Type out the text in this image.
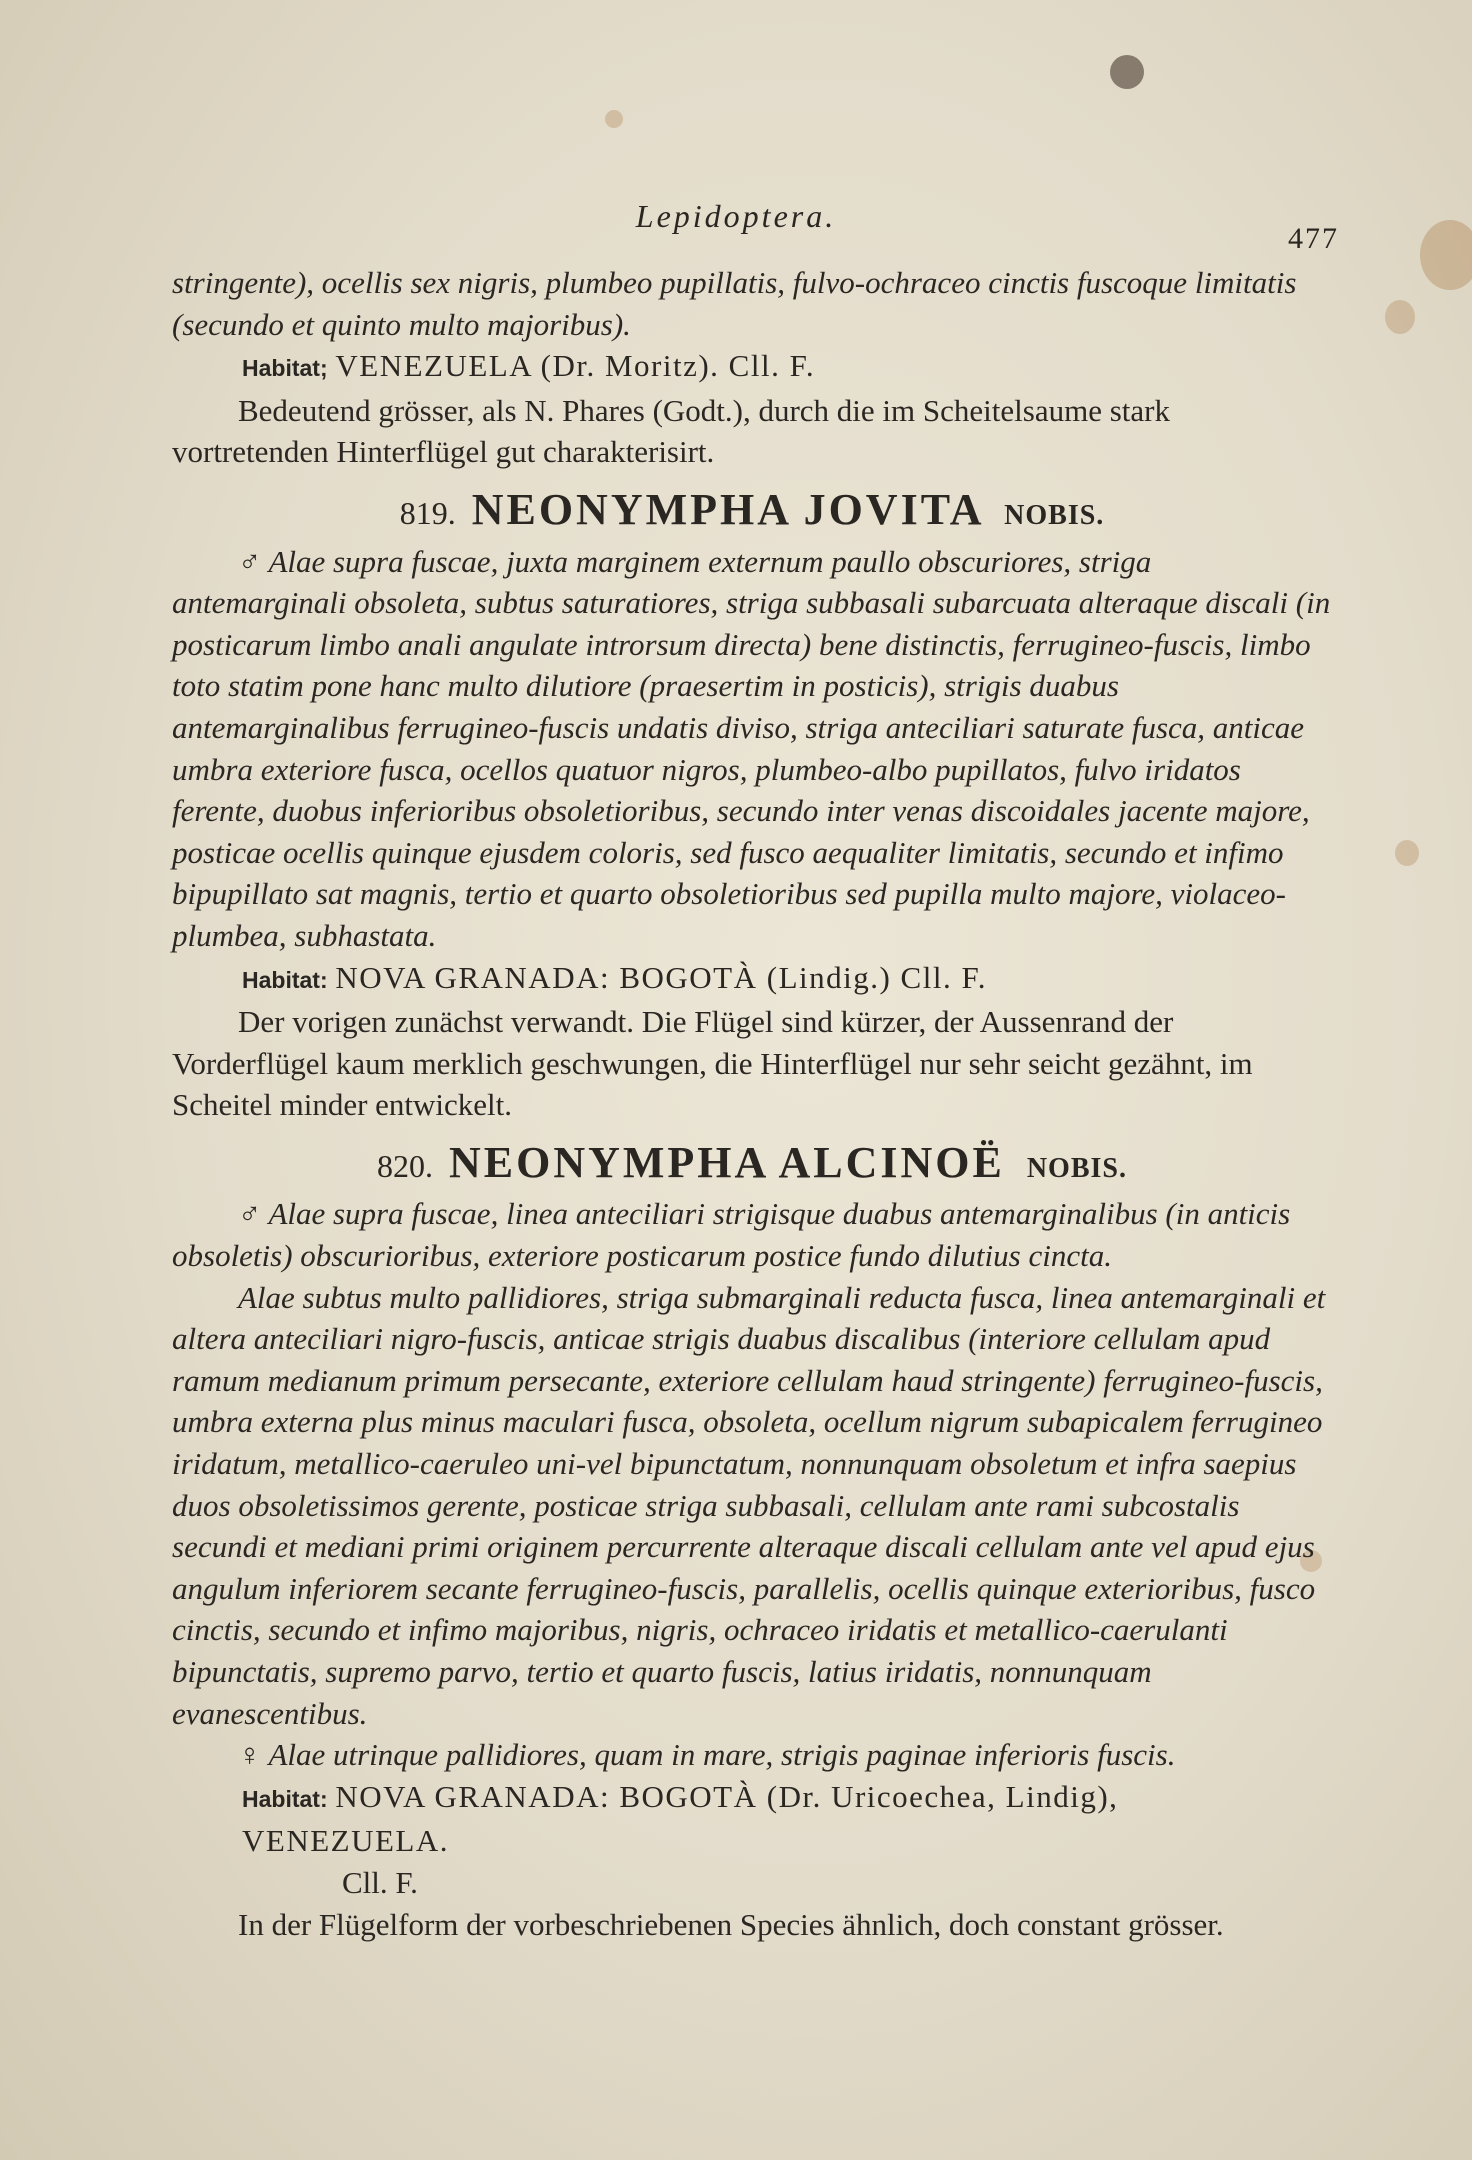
Lepidoptera.
477

stringente), ocellis sex nigris, plumbeo pupillatis, fulvo-ochraceo cinctis fuscoque limitatis (secundo et quinto multo majoribus).

Habitat; VENEZUELA (Dr. Moritz). Cll. F.

Bedeutend grösser, als N. Phares (Godt.), durch die im Scheitelsaume stark vortretenden Hinterflügel gut charakterisirt.

819. NEONYMPHA JOVITA NOBIS.

♂ Alae supra fuscae, juxta marginem externum paullo obscuriores, striga antemarginali obsoleta, subtus saturatiores, striga subbasali subarcuata alteraque discali (in posticarum limbo anali angulate introrsum directa) bene distinctis, ferrugineo-fuscis, limbo toto statim pone hanc multo dilutiore (praesertim in posticis), strigis duabus antemarginalibus ferrugineo-fuscis undatis diviso, striga anteciliari saturate fusca, anticae umbra exteriore fusca, ocellos quatuor nigros, plumbeo-albo pupillatos, fulvo iridatos ferente, duobus inferioribus obsoletioribus, secundo inter venas discoidales jacente majore, posticae ocellis quinque ejusdem coloris, sed fusco aequaliter limitatis, secundo et infimo bipupillato sat magnis, tertio et quarto obsoletioribus sed pupilla multo majore, violaceo-plumbea, subhastata.

Habitat: NOVA GRANADA: BOGOTÀ (Lindig.) Cll. F.

Der vorigen zunächst verwandt. Die Flügel sind kürzer, der Aussenrand der Vorderflügel kaum merklich geschwungen, die Hinterflügel nur sehr seicht gezähnt, im Scheitel minder entwickelt.

820. NEONYMPHA ALCINOË NOBIS.

♂ Alae supra fuscae, linea anteciliari strigisque duabus antemarginalibus (in anticis obsoletis) obscurioribus, exteriore posticarum postice fundo dilutius cincta.

Alae subtus multo pallidiores, striga submarginali reducta fusca, linea antemarginali et altera anteciliari nigro-fuscis, anticae strigis duabus discalibus (interiore cellulam apud ramum medianum primum persecante, exteriore cellulam haud stringente) ferrugineo-fuscis, umbra externa plus minus maculari fusca, obsoleta, ocellum nigrum subapicalem ferrugineo iridatum, metallico-caeruleo uni-vel bipunctatum, nonnunquam obsoletum et infra saepius duos obsoletissimos gerente, posticae striga subbasali, cellulam ante rami subcostalis secundi et mediani primi originem percurrente alteraque discali cellulam ante vel apud ejus angulum inferiorem secante ferrugineo-fuscis, parallelis, ocellis quinque exterioribus, fusco cinctis, secundo et infimo majoribus, nigris, ochraceo iridatis et metallico-caerulanti bipunctatis, supremo parvo, tertio et quarto fuscis, latius iridatis, nonnunquam evanescentibus.

♀ Alae utrinque pallidiores, quam in mare, strigis paginae inferioris fuscis.

Habitat: NOVA GRANADA: BOGOTÀ (Dr. Uricoechea, Lindig), VENEZUELA.

Cll. F.

In der Flügelform der vorbeschriebenen Species ähnlich, doch constant grösser.
